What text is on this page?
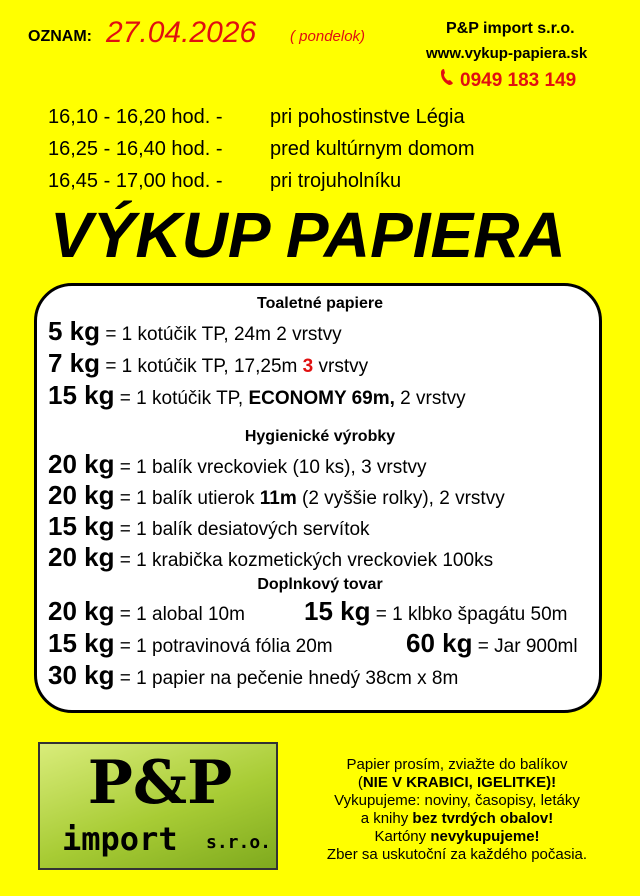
OZNAM: 27.04.2026 ( pondelok)	P&P import s.r.o.
www.vykup-papiera.sk
0949 183 149
16,10 - 16,20 hod. - pri pohostinstve Légia
16,25 - 16,40 hod. - pred kultúrnym domom
16,45 - 17,00 hod. - pri trojuholníku
VÝKUP PAPIERA
Toaletné papiere
5 kg = 1 kotúčik TP, 24m 2 vrstvy
7 kg = 1 kotúčik TP, 17,25m 3 vrstvy
15 kg = 1 kotúčik TP, ECONOMY 69m, 2 vrstvy
Hygienické výrobky
20 kg = 1 balík vreckoviek (10 ks), 3 vrstvy
20 kg = 1 balík utierok 11m (2 vyššie rolky), 2 vrstvy
15 kg = 1 balík desiatových servítok
20 kg = 1 krabička kozmetických vreckoviek 100ks
Doplnkový tovar
20 kg = 1 alobal 10m 15 kg = 1 klbko špagátu 50m
15 kg = 1 potravinová fólia 20m	60 kg = Jar 900ml
30 kg = 1 papier na pečenie hnedý 38cm x 8m
P&P
import s.r.o.
Papier prosím, zviažte do balíkov
(NIE V KRABICI, IGELITKE)!
Vykupujeme: noviny, časopisy, letáky
a knihy bez tvrdých obalov!
Kartóny nevykupujeme!
Zber sa uskutoční za každého počasia.
